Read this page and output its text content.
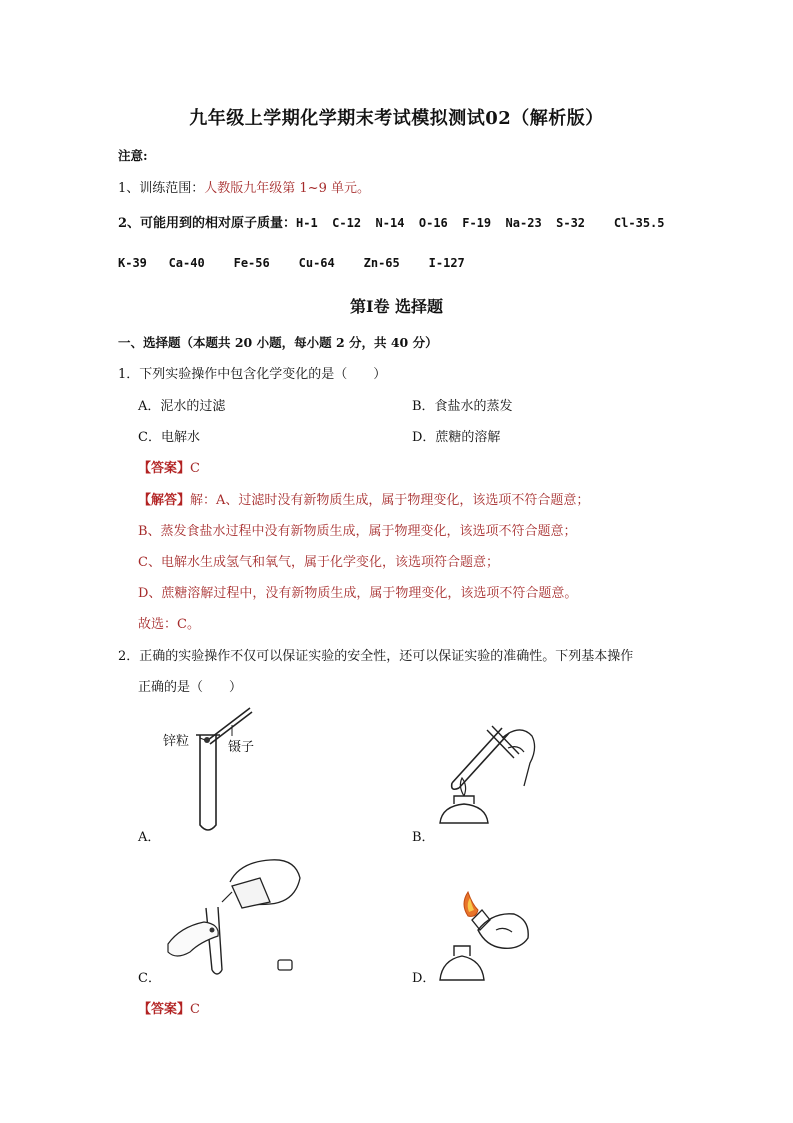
九年级上学期化学期末考试模拟测试02（解析版）
注意:
1、训练范围：人教版九年级第 1~9 单元。
2、可能用到的相对原子质量：H-1  C-12  N-14  O-16  F-19  Na-23  S-32    Cl-35.5
K-39   Ca-40    Fe-56    Cu-64    Zn-65    I-127
第Ⅰ卷 选择题
一、选择题（本题共 20 小题，每小题 2 分，共 40 分）
1．下列实验操作中包含化学变化的是（　　）
A．泥水的过滤	B．食盐水的蒸发
C．电解水	D．蔗糖的溶解
【答案】C
【解答】解：A、过滤时没有新物质生成，属于物理变化，该选项不符合题意；
B、蒸发食盐水过程中没有新物质生成，属于物理变化，该选项不符合题意；
C、电解水生成氢气和氧气，属于化学变化，该选项符合题意；
D、蔗糖溶解过程中，没有新物质生成，属于物理变化，该选项不符合题意。
故选：C。
2．正确的实验操作不仅可以保证实验的安全性，还可以保证实验的准确性。下列基本操作
正确的是（　　）
锌粒	镊子
A．	B．
C．	D．
【答案】C
